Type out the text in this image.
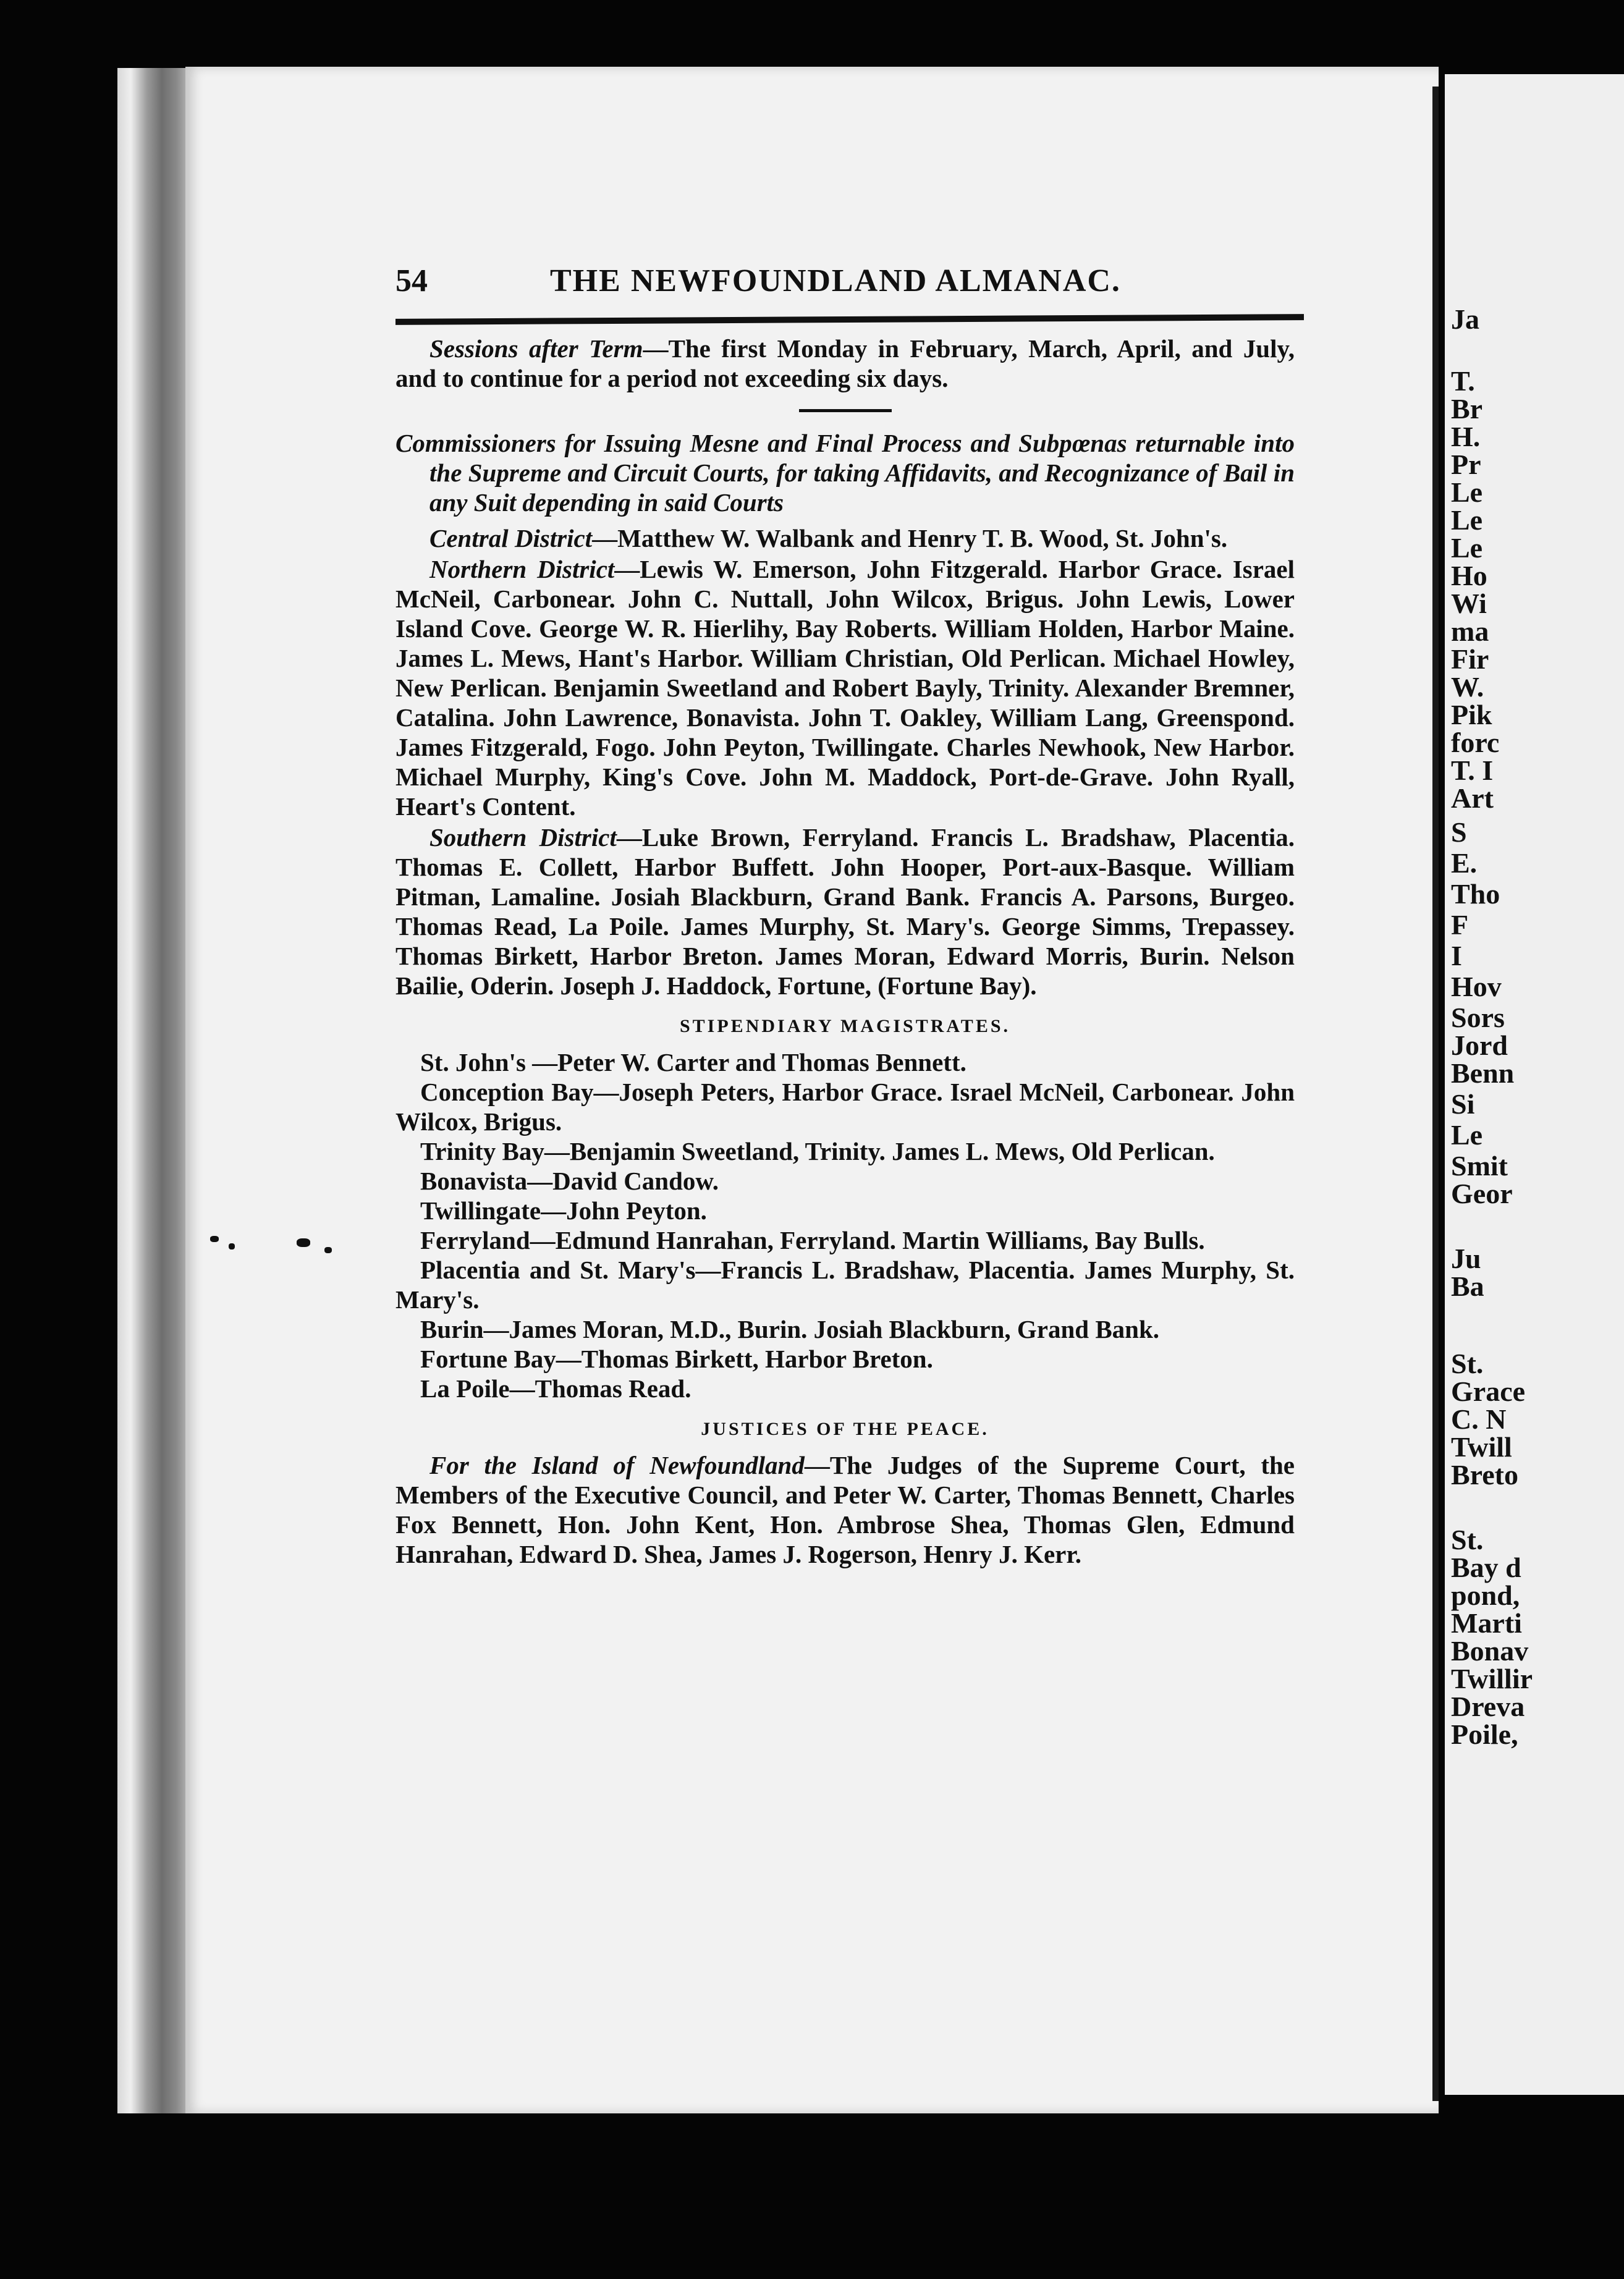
Ja
T.
Br
H.
Pr
Le
Le
Le
Ho
Wi
ma
Fir
W.
Pik
forc
T. I
Art
S
E.
Tho
F
I
Hov
Sors
Jord
Benn
Si
Le
Smit
Geor
Ju
Ba
St.
Grace
C. N
Twill
Breto
St.
Bay d
pond,
Marti
Bonav
Twillir
Dreva
Poile,
54	THE NEWFOUNDLAND ALMANAC.

Sessions after Term—The first Monday in February, March, April, and July, and to continue for a period not exceeding six days.

Commissioners for Issuing Mesne and Final Process and Subpœnas returnable into the Supreme and Circuit Courts, for taking Affidavits, and Recognizance of Bail in any Suit depending in said Courts

Central District—Matthew W. Walbank and Henry T. B. Wood, St. John's.

Northern District—Lewis W. Emerson, John Fitzgerald. Harbor Grace. Israel McNeil, Carbonear. John C. Nuttall, John Wilcox, Brigus. John Lewis, Lower Island Cove. George W. R. Hierlihy, Bay Roberts. William Holden, Harbor Maine. James L. Mews, Hant's Harbor. William Christian, Old Perlican. Michael Howley, New Perlican. Benjamin Sweetland and Robert Bayly, Trinity. Alexander Bremner, Catalina. John Lawrence, Bonavista. John T. Oakley, William Lang, Greenspond. James Fitzgerald, Fogo. John Peyton, Twillingate. Charles Newhook, New Harbor. Michael Murphy, King's Cove. John M. Maddock, Port-de-Grave. John Ryall, Heart's Content.

Southern District—Luke Brown, Ferryland. Francis L. Bradshaw, Placentia. Thomas E. Collett, Harbor Buffett. John Hooper, Port-aux-Basque. William Pitman, Lamaline. Josiah Blackburn, Grand Bank. Francis A. Parsons, Burgeo. Thomas Read, La Poile. James Murphy, St. Mary's. George Simms, Trepassey. Thomas Birkett, Harbor Breton. James Moran, Edward Morris, Burin. Nelson Bailie, Oderin. Joseph J. Haddock, Fortune, (Fortune Bay).

STIPENDIARY MAGISTRATES.

St. John's —Peter W. Carter and Thomas Bennett.

Conception Bay—Joseph Peters, Harbor Grace. Israel McNeil, Carbonear. John Wilcox, Brigus.

Trinity Bay—Benjamin Sweetland, Trinity. James L. Mews, Old Perlican.

Bonavista—David Candow.

Twillingate—John Peyton.

Ferryland—Edmund Hanrahan, Ferryland. Martin Williams, Bay Bulls.

Placentia and St. Mary's—Francis L. Bradshaw, Placentia. James Murphy, St. Mary's.

Burin—James Moran, M.D., Burin. Josiah Blackburn, Grand Bank.

Fortune Bay—Thomas Birkett, Harbor Breton.

La Poile—Thomas Read.

JUSTICES OF THE PEACE.

For the Island of Newfoundland—The Judges of the Supreme Court, the Members of the Executive Council, and Peter W. Carter, Thomas Bennett, Charles Fox Bennett, Hon. John Kent, Hon. Ambrose Shea, Thomas Glen, Edmund Hanrahan, Edward D. Shea, James J. Rogerson, Henry J. Kerr.
